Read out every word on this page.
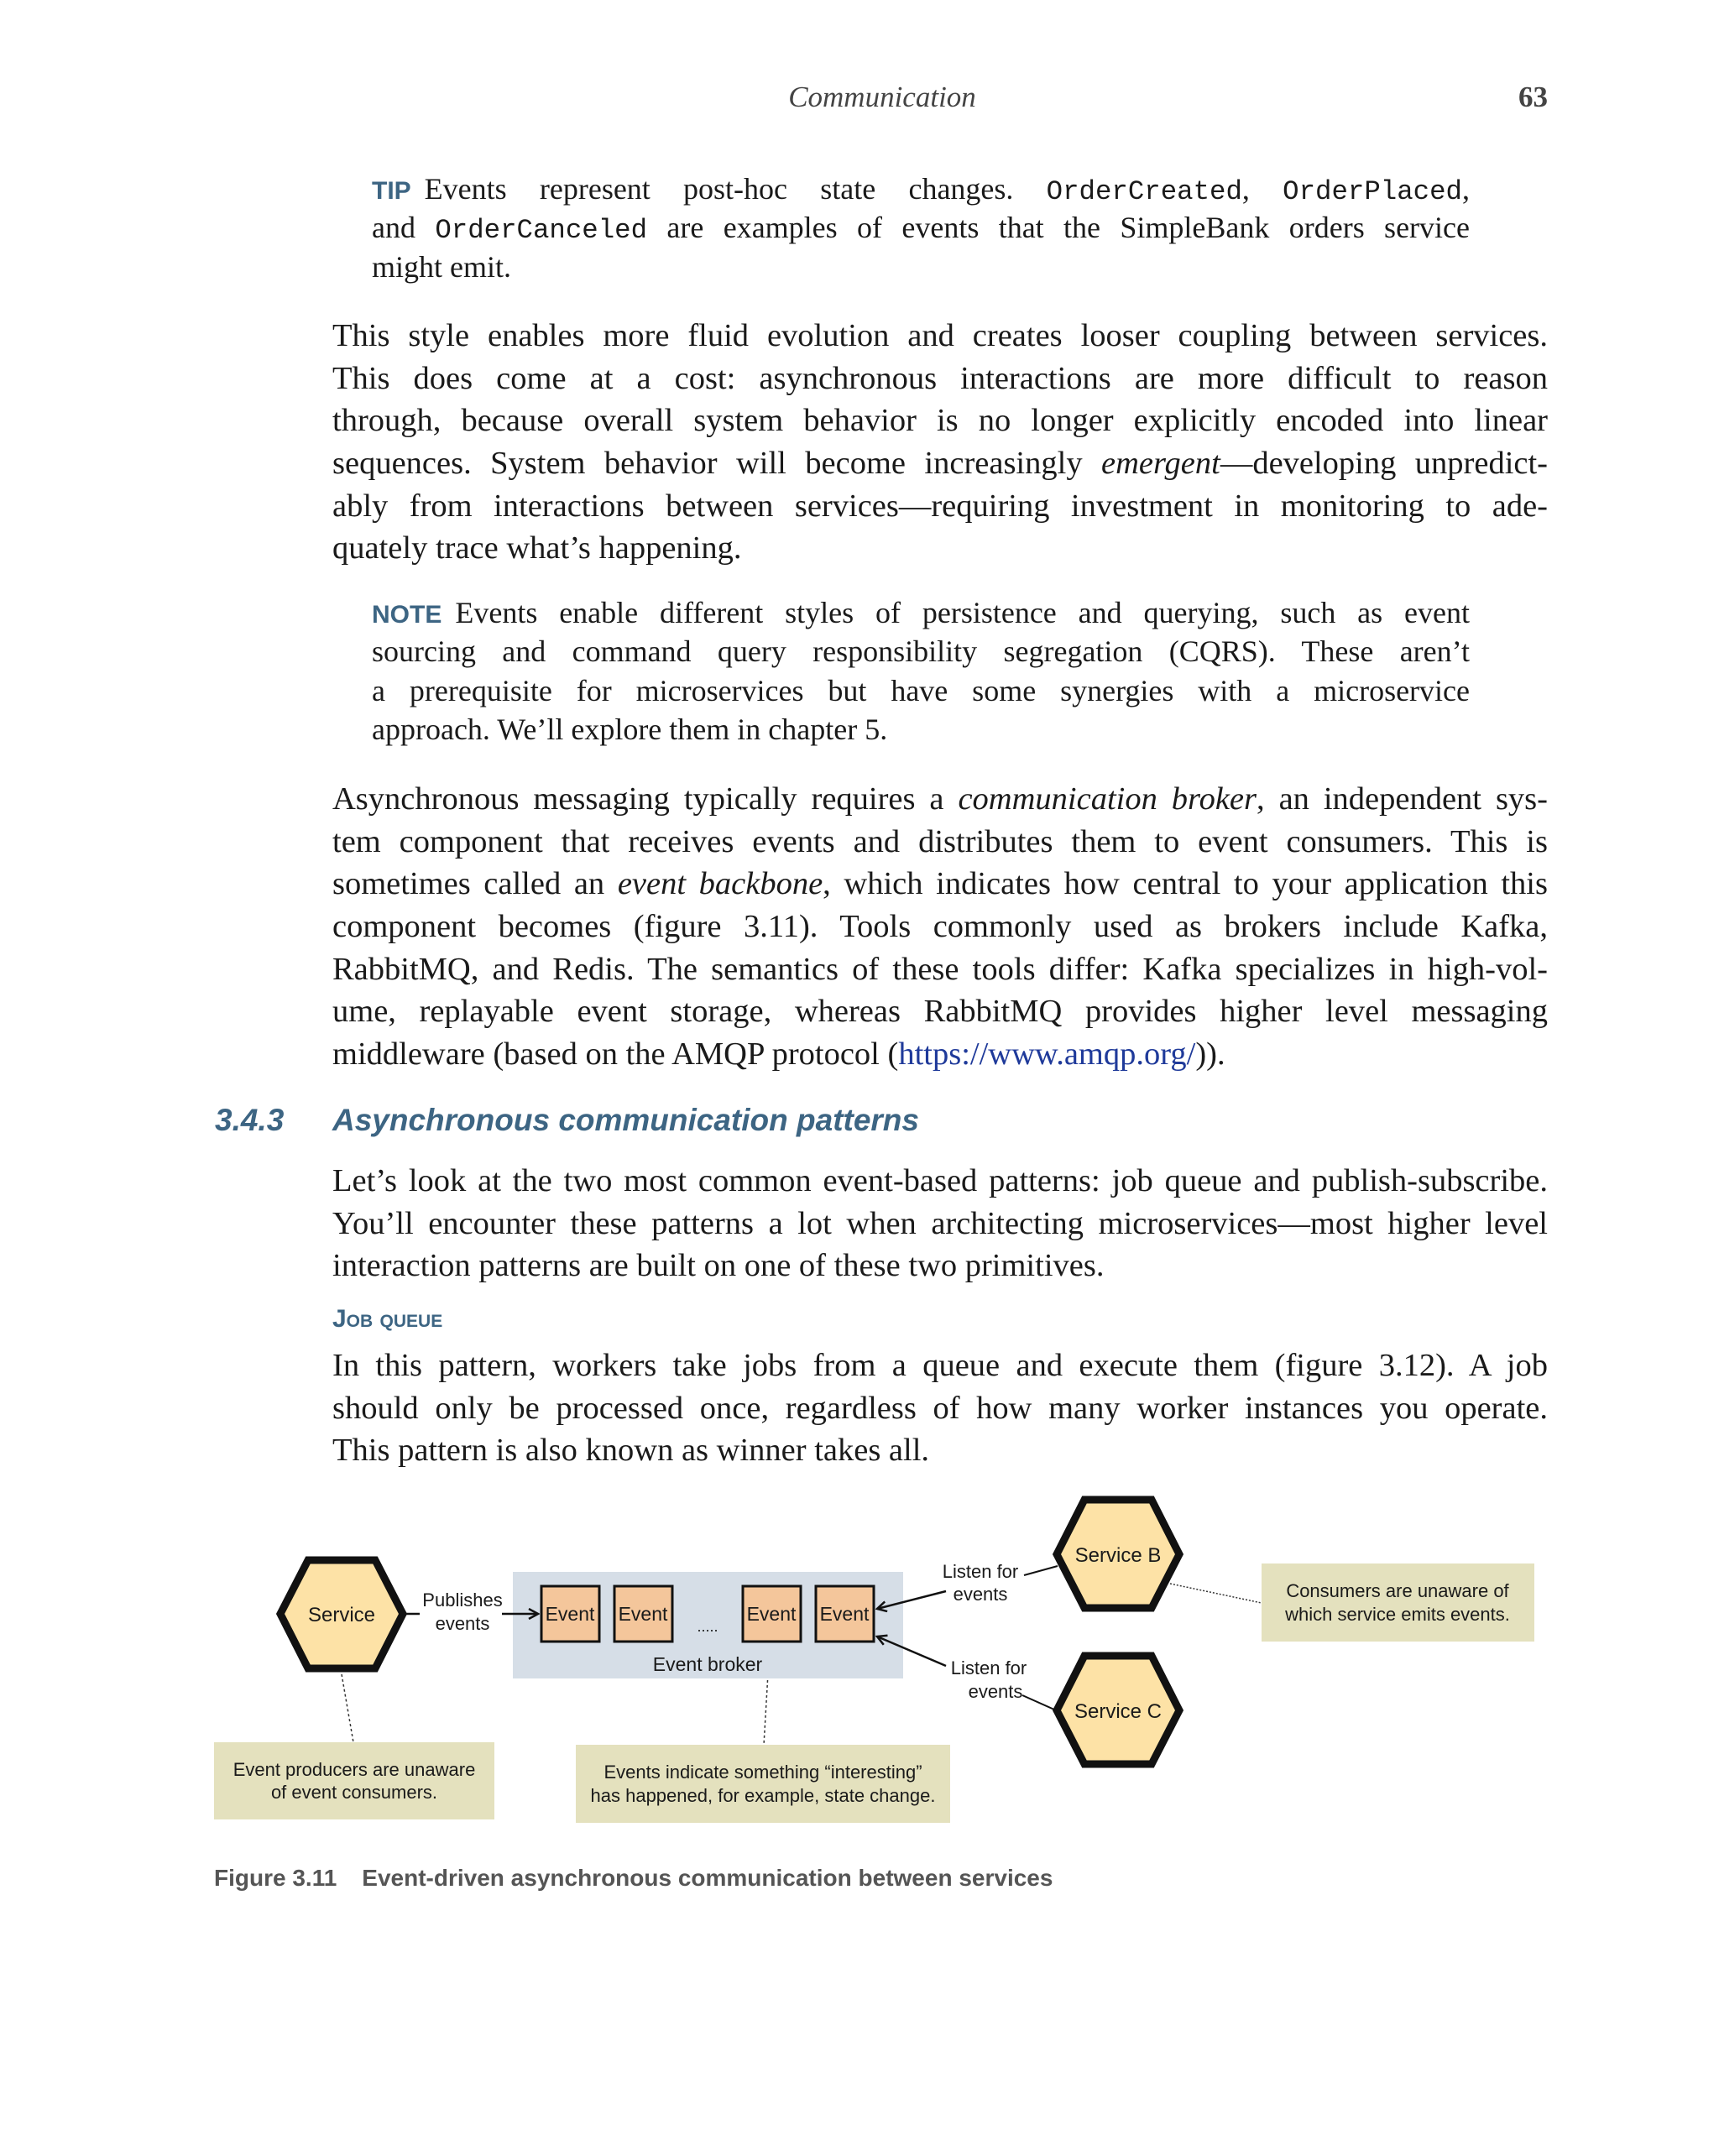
Communication	63
TIP Events represent post-hoc state changes. OrderCreated, OrderPlaced,
and OrderCanceled are examples of events that the SimpleBank orders service
might emit.
This style enables more fluid evolution and creates looser coupling between services.
This does come at a cost: asynchronous interactions are more difficult to reason
through, because overall system behavior is no longer explicitly encoded into linear
sequences. System behavior will become increasingly emergent—developing unpredict-
ably from interactions between services—requiring investment in monitoring to ade-
quately trace what’s happening.
NOTE Events enable different styles of persistence and querying, such as event
sourcing and command query responsibility segregation (CQRS). These aren’t
a prerequisite for microservices but have some synergies with a microservice
approach. We’ll explore them in chapter 5.
Asynchronous messaging typically requires a communication broker, an independent sys-
tem component that receives events and distributes them to event consumers. This is
sometimes called an event backbone, which indicates how central to your application this
component becomes (figure 3.11). Tools commonly used as brokers include Kafka,
RabbitMQ, and Redis. The semantics of these tools differ: Kafka specializes in high-vol-
ume, replayable event storage, whereas RabbitMQ provides higher level messaging
middleware (based on the AMQP protocol (https://www.amqp.org/)).
3.4.3 Asynchronous communication patterns
Let’s look at the two most common event-based patterns: job queue and publish-subscribe.
You’ll encounter these patterns a lot when architecting microservices—most higher level
interaction patterns are built on one of these two primitives.
Job queue
In this pattern, workers take jobs from a queue and execute them (figure 3.12). A job
should only be processed once, regardless of how many worker instances you operate.
This pattern is also known as winner takes all.
Event Event	Event Event
.....
Event broker
Service
Service B
Service C
Publishes
events
Listen for
events
Listen for
events
Event producers are unaware
of event consumers.
Events indicate something “interesting”
has happened, for example, state change.
Consumers are unaware of
which service emits events.
Figure 3.11 Event-driven asynchronous communication between services
